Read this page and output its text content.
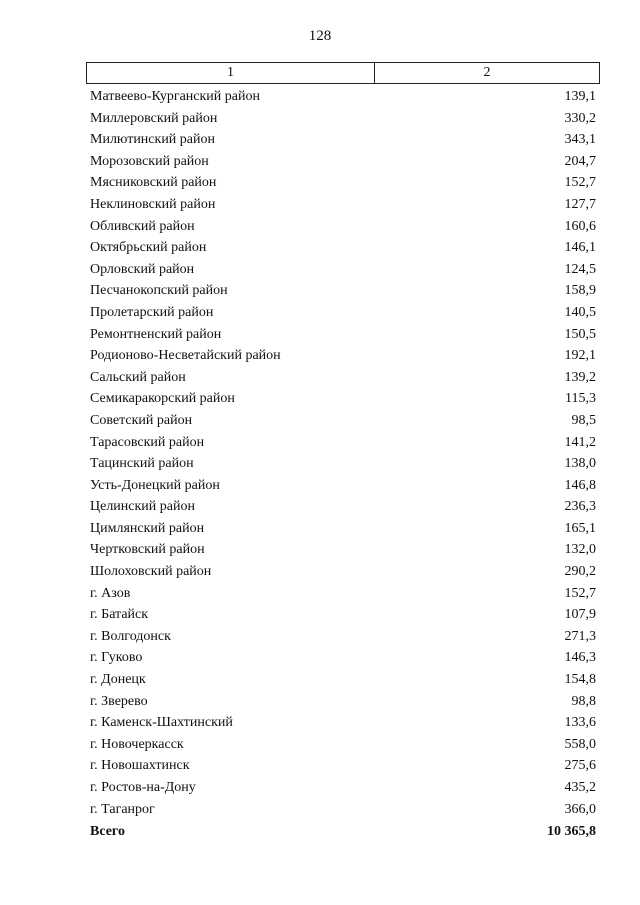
128
1	2
Матвеево-Курганский район	139,1
Миллеровский район	330,2
Милютинский район	343,1
Морозовский район	204,7
Мясниковский район	152,7
Неклиновский район	127,7
Обливский район	160,6
Октябрьский район	146,1
Орловский район	124,5
Песчанокопский район	158,9
Пролетарский район	140,5
Ремонтненский район	150,5
Родионово-Несветайский район	192,1
Сальский район	139,2
Семикаракорский район	115,3
Советский район	98,5
Тарасовский район	141,2
Тацинский район	138,0
Усть-Донецкий район	146,8
Целинский район	236,3
Цимлянский район	165,1
Чертковский район	132,0
Шолоховский район	290,2
г. Азов	152,7
г. Батайск	107,9
г. Волгодонск	271,3
г. Гуково	146,3
г. Донецк	154,8
г. Зверево	98,8
г. Каменск-Шахтинский	133,6
г. Новочеркасск	558,0
г. Новошахтинск	275,6
г. Ростов-на-Дону	435,2
г. Таганрог	366,0
Всего	10 365,8
